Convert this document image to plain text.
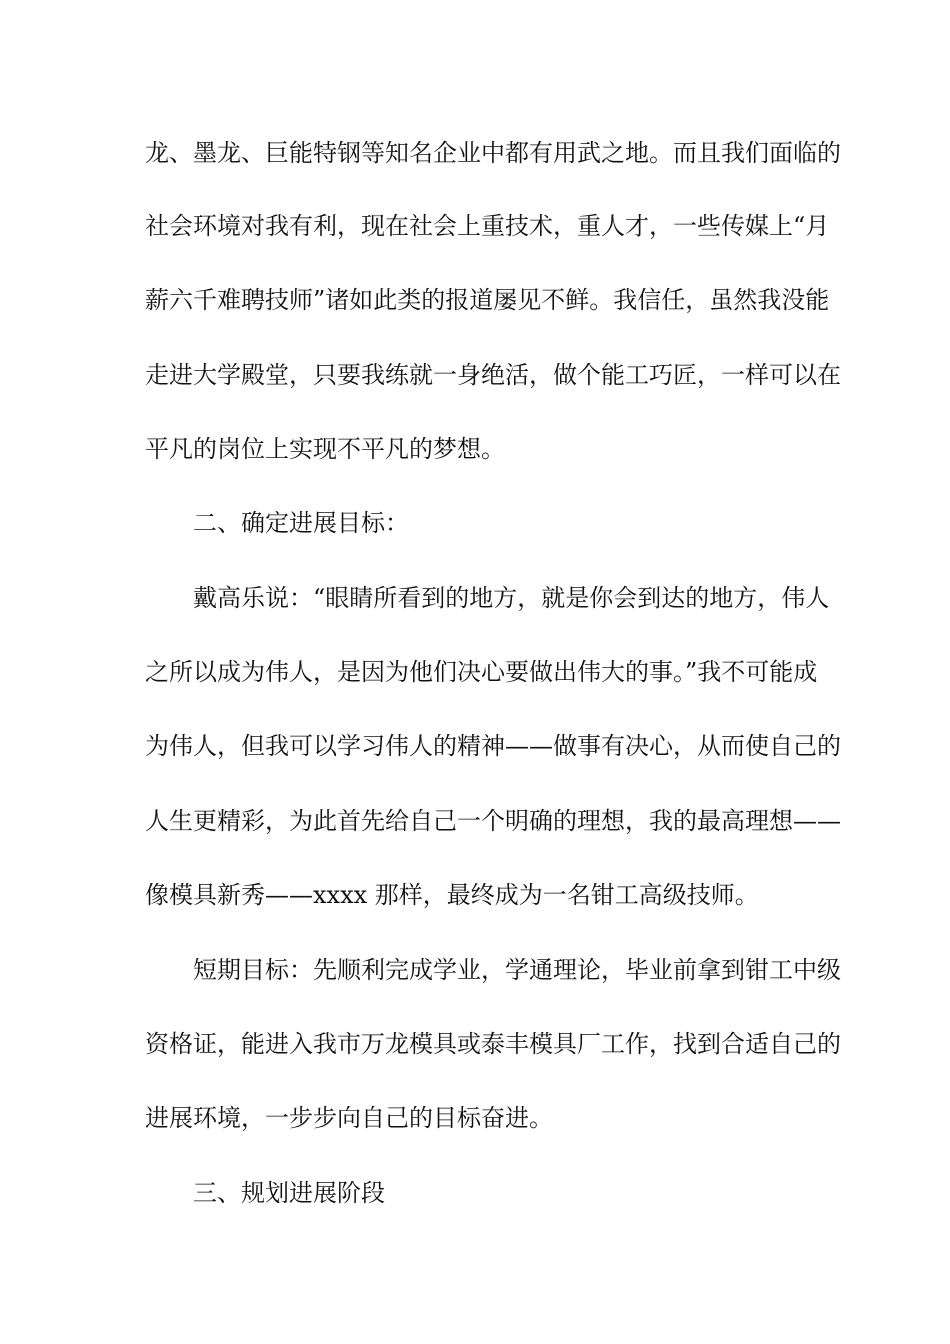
龙、墨龙、巨能特钢等知名企业中都有用武之地。而且我们面临的
社会环境对我有利，现在社会上重技术，重人才，一些传媒上“月
薪六千难聘技师”诸如此类的报道屡见不鲜。我信任，虽然我没能
走进大学殿堂，只要我练就一身绝活，做个能工巧匠，一样可以在
平凡的岗位上实现不平凡的梦想。
二、确定进展目标：
戴高乐说：“眼睛所看到的地方，就是你会到达的地方，伟人
之所以成为伟人，是因为他们决心要做出伟大的事。”我不可能成
为伟人，但我可以学习伟人的精神——做事有决心，从而使自己的
人生更精彩，为此首先给自己一个明确的理想，我的最高理想——
像模具新秀——xxxx 那样，最终成为一名钳工高级技师。
短期目标：先顺利完成学业，学通理论，毕业前拿到钳工中级
资格证，能进入我市万龙模具或泰丰模具厂工作，找到合适自己的
进展环境，一步步向自己的目标奋进。
三、规划进展阶段
